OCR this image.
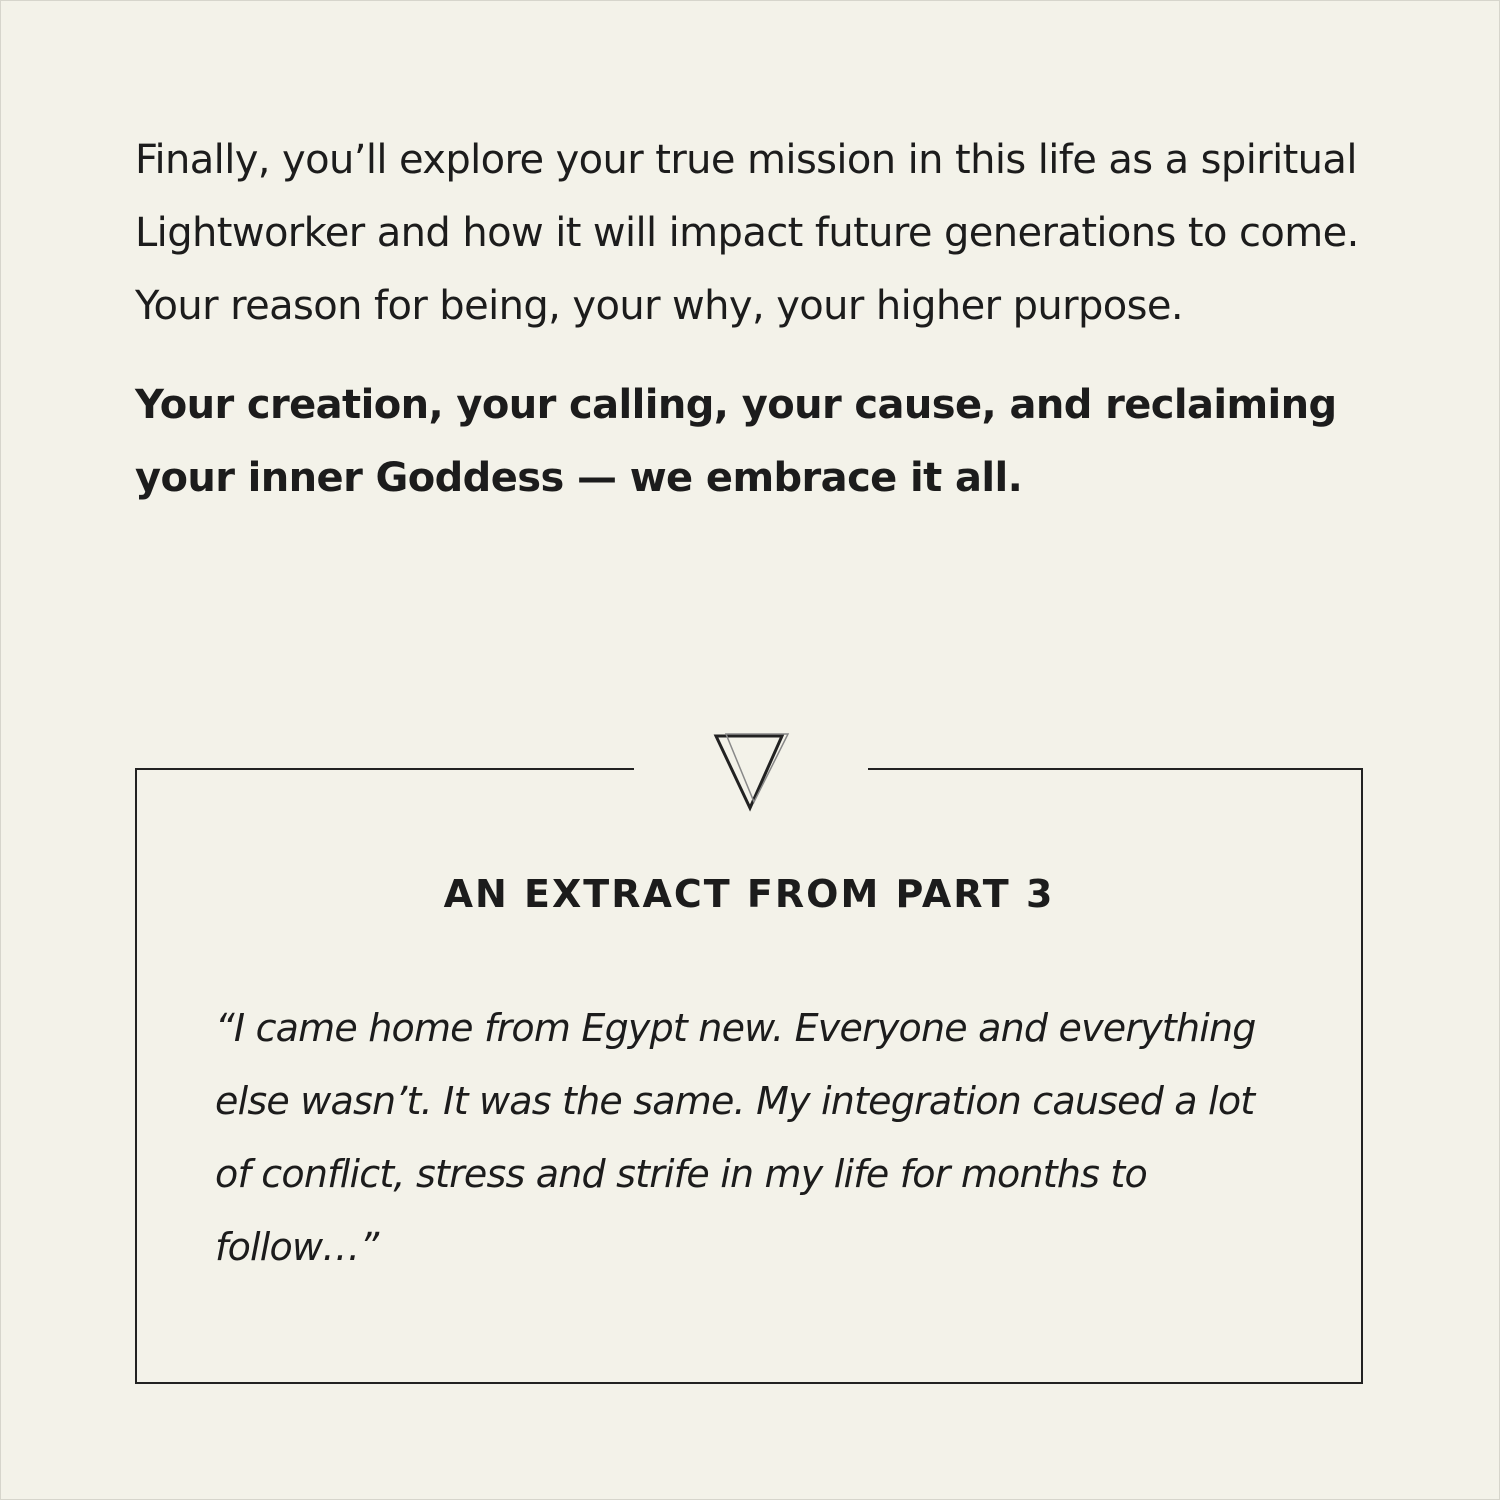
Finally, you’ll explore your true mission in this life as a spiritual Lightworker and how it will impact future generations to come. Your reason for being, your why, your higher purpose.

Your creation, your calling, your cause, and reclaiming your inner Goddess — we embrace it all.

AN EXTRACT FROM PART 3

“I came home from Egypt new. Everyone and everything else wasn’t. It was the same. My integration caused a lot of conflict, stress and strife in my life for months to follow…”
